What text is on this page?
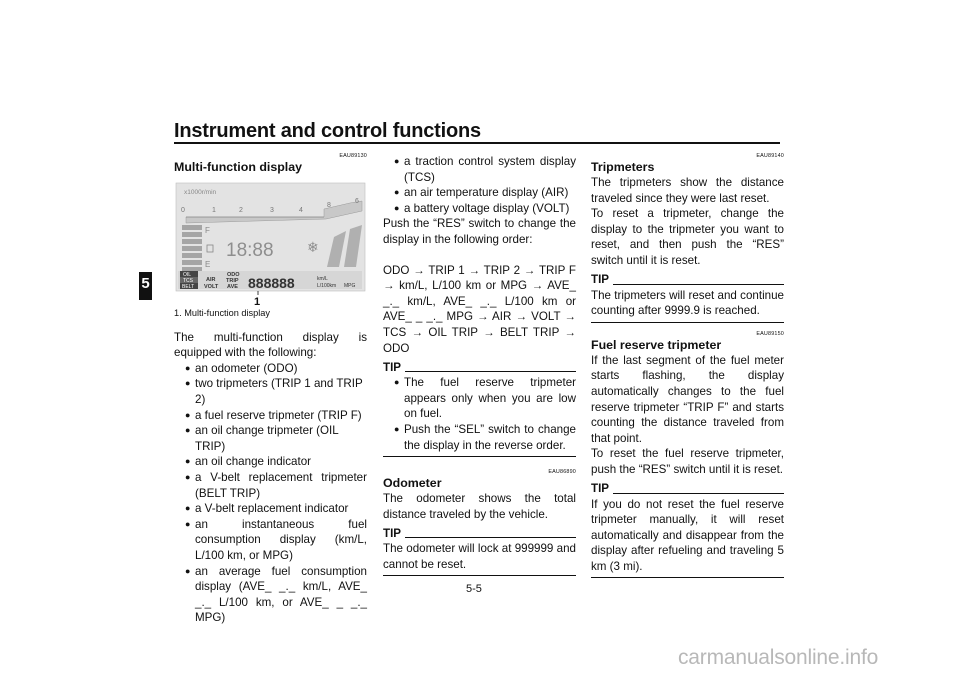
Instrument and control functions
5
EAU89130
Multi-function display
x1000r/min
0	1	2	3	4
8
6
F
E
18:88 ❄
OIL
TCS
BELT
AIR
ODO
TRIP
VOLT AVE 888888	km/L
L/100km MPG
1
1. Multi-function display

The multi-function display is equipped with the following:

● an odometer (ODO)
● two tripmeters (TRIP 1 and TRIP 2)
● a fuel reserve tripmeter (TRIP F)
● an oil change tripmeter (OIL TRIP)
● an oil change indicator
● a V-belt replacement tripmeter (BELT TRIP)
● a V-belt replacement indicator
● an instantaneous fuel consumption display (km/L, L/100 km, or MPG)
● an average fuel consumption display (AVE_ _._ km/L, AVE_ _._ L/100 km, or AVE_ _ _._ MPG)
● a traction control system display (TCS)
● an air temperature display (AIR)
● a battery voltage display (VOLT)

Push the “RES” switch to change the display in the following order:

ODO → TRIP 1 → TRIP 2 → TRIP F → km/L, L/100 km or MPG → AVE_ _._ km/L, AVE_ _._ L/100 km or AVE_ _ _._ MPG → AIR → VOLT → TCS → OIL TRIP → BELT TRIP → ODO

TIP
● The fuel reserve tripmeter appears only when you are low on fuel.
● Push the “SEL” switch to change the display in the reverse order.
EAU86890
Odometer

The odometer shows the total distance traveled by the vehicle.

TIP

The odometer will lock at 999999 and cannot be reset.

EAU89140
Tripmeters

The tripmeters show the distance traveled since they were last reset.

To reset a tripmeter, change the display to the tripmeter you want to reset, and then push the “RES” switch until it is reset.

TIP

The tripmeters will reset and continue counting after 9999.9 is reached.

EAU89150
Fuel reserve tripmeter

If the last segment of the fuel meter starts flashing, the display automatically changes to the fuel reserve tripmeter “TRIP F” and starts counting the distance traveled from that point.

To reset the fuel reserve tripmeter, push the “RES” switch until it is reset.

TIP

If you do not reset the fuel reserve tripmeter manually, it will reset automatically and disappear from the display after refueling and traveling 5 km (3 mi).

5-5
carmanualsonline.info
